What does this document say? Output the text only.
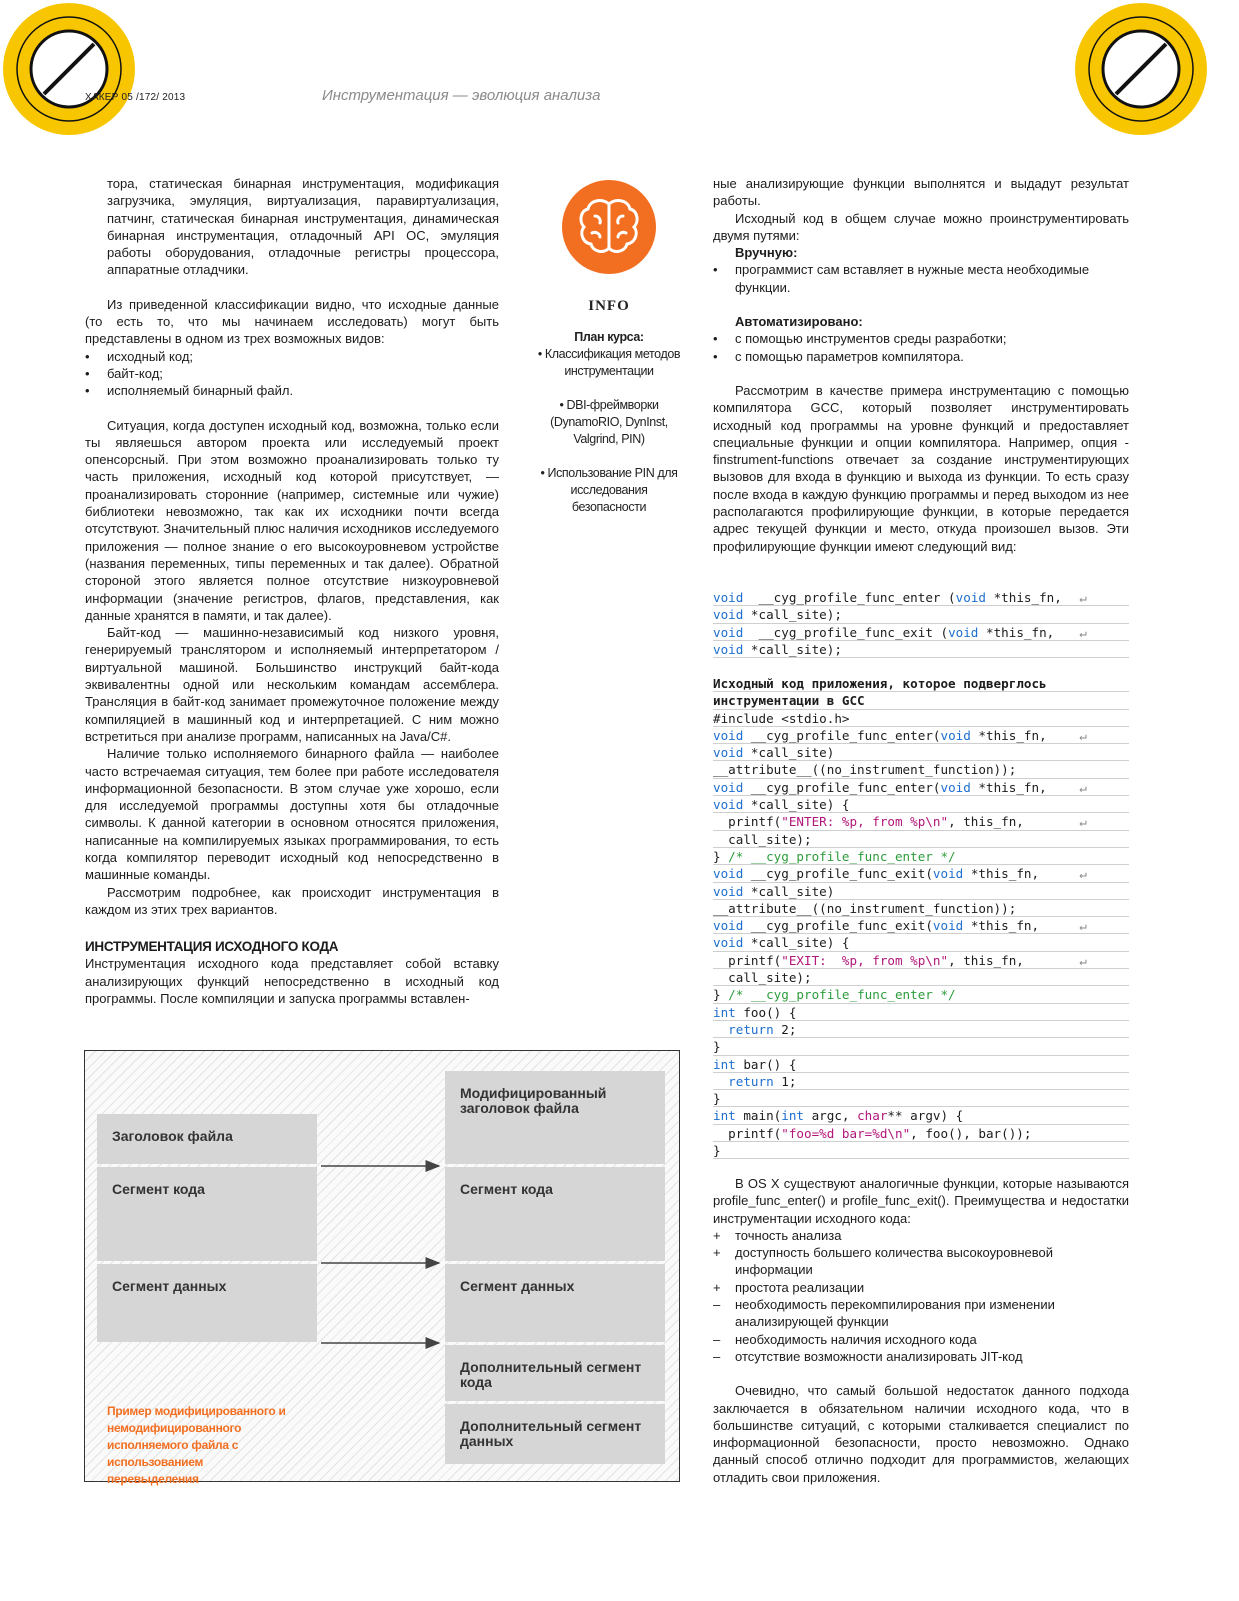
ХАКЕР 05 /172/ 2013	Инструментация — эволюция анализа

тора, статическая бинарная инструментация, модификация загрузчика, эмуляция, виртуализация, паравиртуализация, патчинг, статическая бинарная инструментация, динамическая бинарная инструментация, отладочный API ОС, эмуляция работы оборудования, отладочные регистры процессора, аппаратные отладчики.

Из приведенной классификации видно, что исходные данные (то есть то, что мы начинаем исследовать) могут быть представлены в одном из трех возможных видов:

•	исходный код;
•	байт-код;
•	исполняемый бинарный файл.

Ситуация, когда доступен исходный код, возможна, только если ты являешься автором проекта или исследуемый проект опенсорсный. При этом возможно проанализировать только ту часть приложения, исходный код которой присутствует, — проанализировать сторонние (например, системные или чужие) библиотеки невозможно, так как их исходники почти всегда отсутствуют. Значительный плюс наличия исходников исследуемого приложения — полное знание о его высокоуровневом устройстве (названия переменных, типы переменных и так далее). Обратной стороной этого является полное отсутствие низкоуровневой информации (значение регистров, флагов, представления, как данные хранятся в памяти, и так далее).

Байт-код — машинно-независимый код низкого уровня, генерируемый транслятором и исполняемый интерпретатором / виртуальной машиной. Большинство инструкций байт-кода эквивалентны одной или нескольким командам ассемблера. Трансляция в байт-код занимает промежуточное положение между компиляцией в машинный код и интерпретацией. С ним можно встретиться при анализе программ, написанных на Java/C#.

Наличие только исполняемого бинарного файла — наиболее часто встречаемая ситуация, тем более при работе исследователя информационной безопасности. В этом случае уже хорошо, если для исследуемой программы доступны хотя бы отладочные символы. К данной категории в основном относятся приложения, написанные на компилируемых языках программирования, то есть когда компилятор переводит исходный код непосредственно в машинные команды.

Рассмотрим подробнее, как происходит инструментация в каждом из этих трех вариантов.

ИНСТРУМЕНТАЦИЯ ИСХОДНОГО КОДА

Инструментация исходного кода представляет собой вставку анализирующих функций непосредственно в исходный код программы. После компиляции и запуска программы вставлен-

INFO
План курса:
• Классификация методов инструментации
• DBI-фреймворки (DynamoRIO, DynInst, Valgrind, PIN)
• Использование PIN для исследования безопасности

ные анализирующие функции выполнятся и выдадут результат работы.

Исходный код в общем случае можно проинструментировать двумя путями:

Вручную:
•	программист сам вставляет в нужные места необходимые функции.
Автоматизировано:
•	с помощью инструментов среды разработки;
•	с помощью параметров компилятора.

Рассмотрим в качестве примера инструментацию с помощью компилятора GCC, который позволяет инструментировать исходный код программы на уровне функций и предоставляет специальные функции и опции компилятора. Например, опция -finstrument-functions отвечает за создание инструментирующих вызовов для входа в функцию и выхода из функции. То есть сразу после входа в каждую функцию программы и перед выходом из нее располагаются профилирующие функции, в которые передается адрес текущей функции и место, откуда произошел вызов. Эти профилирующие функции имеют следующий вид:

void  __cyg_profile_func_enter (void *this_fn, ↵
void *call_site);
void  __cyg_profile_func_exit (void *this_fn, ↵
void *call_site);
Исходный код приложения, которое подверглось
инструментации в GCC
#include <stdio.h>
void __cyg_profile_func_enter(void *this_fn, ↵
void *call_site)
__attribute__((no_instrument_function));
void __cyg_profile_func_enter(void *this_fn, ↵
void *call_site) {
printf("ENTER: %p, from %p\n", this_fn,	↵
call_site);
} /* __cyg_profile_func_enter */
void __cyg_profile_func_exit(void *this_fn,	↵
void *call_site)
__attribute__((no_instrument_function));
void __cyg_profile_func_exit(void *this_fn,	↵
void *call_site) {
printf("EXIT:  %p, from %p\n", this_fn,	↵
call_site);
} /* __cyg_profile_func_enter */
int foo() {
return 2;
}
int bar() {
return 1;
}
int main(int argc, char** argv) {
printf("foo=%d bar=%d\n", foo(), bar());
}

В OS X существуют аналогичные функции, которые называются profile_func_enter() и profile_func_exit(). Преимущества и недостатки инструментации исходного кода:

+	точность анализа
+	доступность большего количества высокоуровневой информации
+	простота реализации
–	необходимость перекомпилирования при изменении анализирующей функции
–	необходимость наличия исходного кода
–	отсутствие возможности анализировать JIT-код

Очевидно, что самый большой недостаток данного подхода заключается в обязательном наличии исходного кода, что в большинстве ситуаций, с которыми сталкивается специалист по информационной безопасности, просто невозможно. Однако данный способ отлично подходит для программистов, желающих отладить свои приложения.

Заголовок файла
Сегмент кода
Сегмент данных
Модифицированный заголовок файла
Сегмент кода
Сегмент данных
Дополнительный сегмент кода
Дополнительный сегмент данных
Пример модифицированного и немодифицированного исполняемого файла с использованием перевыделения
